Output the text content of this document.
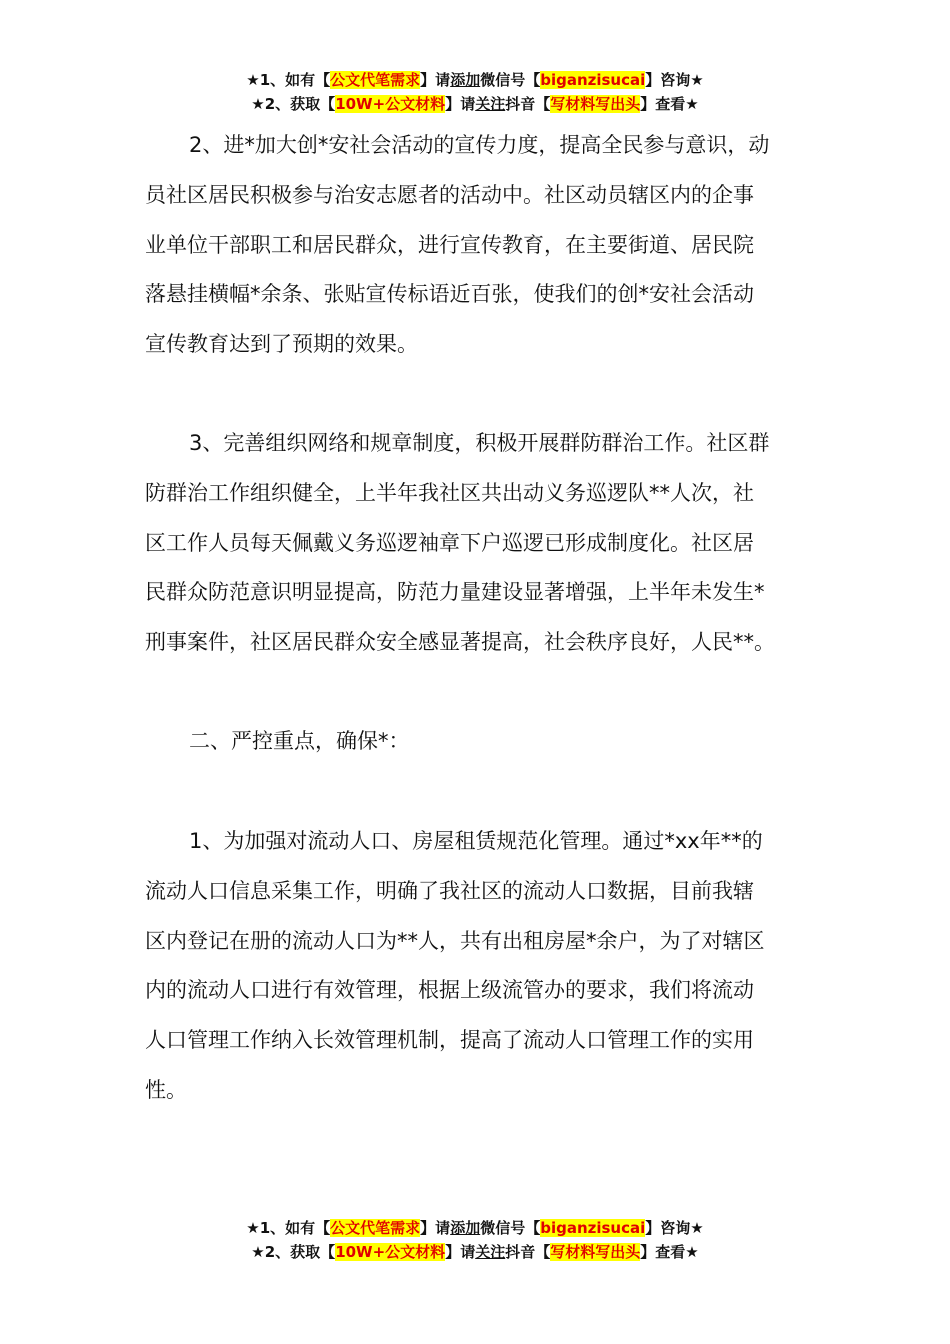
★1、如有【公文代笔需求】请添加微信号【biganzisucai】咨询★
★2、获取【10W+公文材料】请关注抖音【写材料写出头】查看★

2、进*加大创*安社会活动的宣传力度，提高全民参与意识，动
员社区居民积极参与治安志愿者的活动中。社区动员辖区内的企事
业单位干部职工和居民群众，进行宣传教育，在主要街道、居民院
落悬挂横幅*余条、张贴宣传标语近百张，使我们的创*安社会活动
宣传教育达到了预期的效果。

3、完善组织网络和规章制度，积极开展群防群治工作。社区群
防群治工作组织健全，上半年我社区共出动义务巡逻队**人次，社
区工作人员每天佩戴义务巡逻袖章下户巡逻已形成制度化。社区居
民群众防范意识明显提高，防范力量建设显著增强，上半年未发生*
刑事案件，社区居民群众安全感显著提高，社会秩序良好，人民**。

二、严控重点，确保*：

1、为加强对流动人口、房屋租赁规范化管理。通过*xx年**的
流动人口信息采集工作，明确了我社区的流动人口数据，目前我辖
区内登记在册的流动人口为**人，共有出租房屋*余户，为了对辖区
内的流动人口进行有效管理，根据上级流管办的要求，我们将流动
人口管理工作纳入长效管理机制，提高了流动人口管理工作的实用
性。

★1、如有【公文代笔需求】请添加微信号【biganzisucai】咨询★
★2、获取【10W+公文材料】请关注抖音【写材料写出头】查看★
